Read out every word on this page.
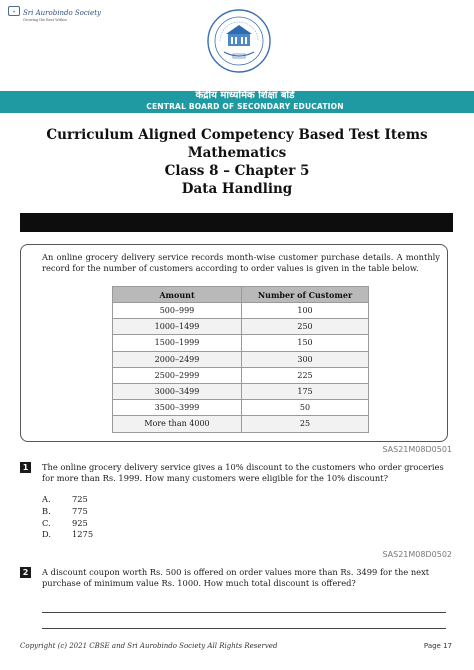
✦	Sri Aurobindo Society
Growing the Best Within
केंद्रीय माध्यमिक शिक्षा बोर्ड
CENTRAL BOARD OF SECONDARY EDUCATION
Curriculum Aligned Competency Based Test Items
Mathematics
Class 8 – Chapter 5
Data Handling
An online grocery delivery service records month-wise customer purchase details. A monthly record for the number of customers according to order values is given in the table below.
Amount	Number of Customer
500–999	100
1000–1499	250
1500–1999	150
2000–2499	300
2500–2999	225
3000–3499	175
3500–3999	50
More than 4000	25
SAS21M08D0501
1	The online grocery delivery service gives a 10% discount to the customers who order groceries for more than Rs. 1999. How many customers were eligible for the 10% discount?
A.	725
B.	775
C.	925
D.	1275
SAS21M08D0502
2	A discount coupon worth Rs. 500 is offered on order values more than Rs. 3499 for the next purchase of minimum value Rs. 1000. How much total discount is offered?
Copyright (c) 2021 CBSE and Sri Aurobindo Society All Rights Reserved	Page 17
